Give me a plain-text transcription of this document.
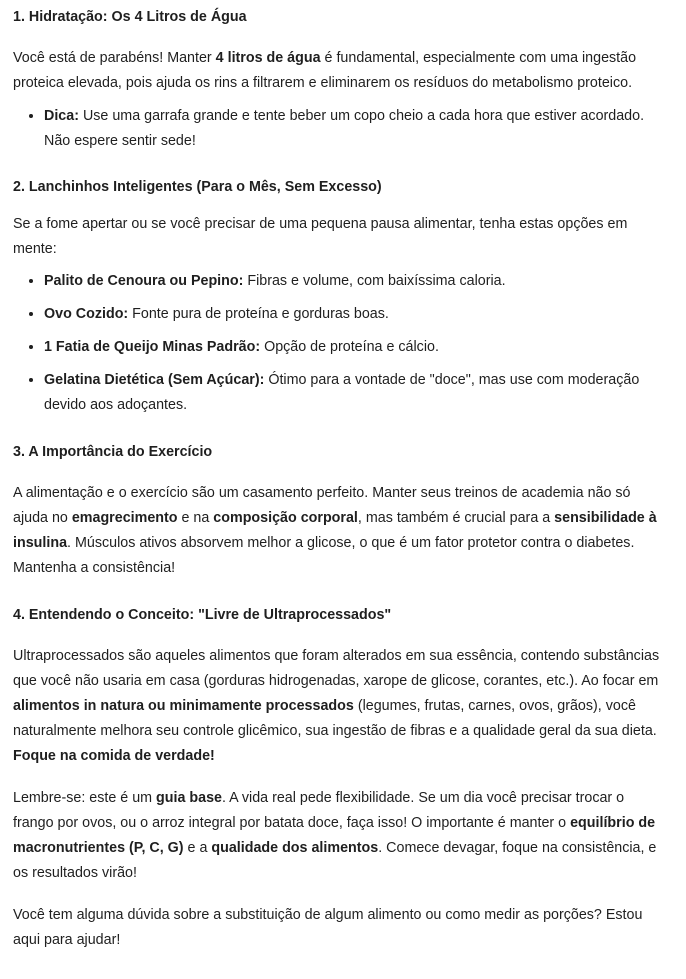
1. Hidratação: Os 4 Litros de Água

Você está de parabéns! Manter 4 litros de água é fundamental, especialmente com uma ingestão proteica elevada, pois ajuda os rins a filtrarem e eliminarem os resíduos do metabolismo proteico.

• Dica: Use uma garrafa grande e tente beber um copo cheio a cada hora que estiver acordado. Não espere sentir sede!
2. Lanchinhos Inteligentes (Para o Mês, Sem Excesso)

Se a fome apertar ou se você precisar de uma pequena pausa alimentar, tenha estas opções em mente:

• Palito de Cenoura ou Pepino: Fibras e volume, com baixíssima caloria.
• Ovo Cozido: Fonte pura de proteína e gorduras boas.
• 1 Fatia de Queijo Minas Padrão: Opção de proteína e cálcio.
• Gelatina Dietética (Sem Açúcar): Ótimo para a vontade de "doce", mas use com moderação devido aos adoçantes.
3. A Importância do Exercício

A alimentação e o exercício são um casamento perfeito. Manter seus treinos de academia não só ajuda no emagrecimento e na composição corporal, mas também é crucial para a sensibilidade à insulina. Músculos ativos absorvem melhor a glicose, o que é um fator protetor contra o diabetes. Mantenha a consistência!

4. Entendendo o Conceito: "Livre de Ultraprocessados"

Ultraprocessados são aqueles alimentos que foram alterados em sua essência, contendo substâncias que você não usaria em casa (gorduras hidrogenadas, xarope de glicose, corantes, etc.). Ao focar em alimentos in natura ou minimamente processados (legumes, frutas, carnes, ovos, grãos), você naturalmente melhora seu controle glicêmico, sua ingestão de fibras e a qualidade geral da sua dieta. Foque na comida de verdade!

Lembre-se: este é um guia base. A vida real pede flexibilidade. Se um dia você precisar trocar o frango por ovos, ou o arroz integral por batata doce, faça isso! O importante é manter o equilíbrio de macronutrientes (P, C, G) e a qualidade dos alimentos. Comece devagar, foque na consistência, e os resultados virão!

Você tem alguma dúvida sobre a substituição de algum alimento ou como medir as porções? Estou aqui para ajudar!
